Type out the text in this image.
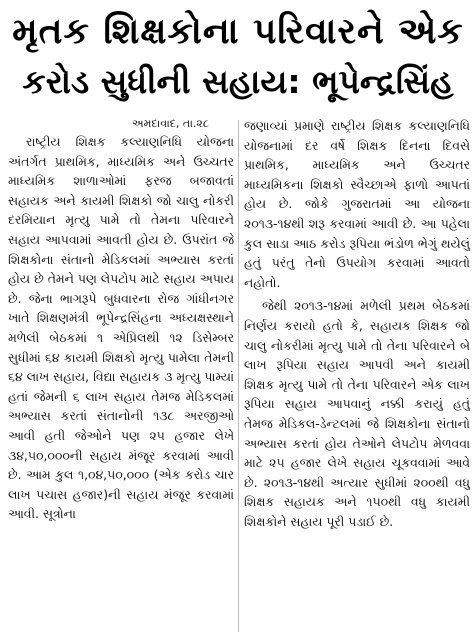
મૃતક શિક્ષકોના પરિવારને એક
કરોડ સુધીની સહાય: ભૂપેન્દ્રસિંહ
અમદાવાદ, તા.૨૮

રાષ્ટ્રીય શિક્ષક કલ્યાણનિધિ યોજના અંતર્ગત પ્રાથમિક, માધ્યમિક અને ઉચ્ચતર માધ્યમિક શાળાઓમાં ફરજ બજાવતાં સહાયક અને કાયમી શિક્ષકો જો ચાલુ નોકરી દરમિયાન મૃત્યુ પામે તો તેમના પરિવારને સહાય આપવામાં આવતી હોય છે. ઉપરાંત જે શિક્ષકોના સંતાનો મેડિકલમાં અભ્યાસ કરતાં હોય છે તેમને પણ લેપટોપ માટે સહાય અપાય છે. જેના ભાગરૂપે બુધવારના રોજ ગાંધીનગર ખાતે શિક્ષણમંત્રી ભૂપેન્દ્રસિંહના અધ્યક્ષસ્થાને મળેલી બેઠકમાં ૧ એપ્રિલથી ૧૨ ડિસેમ્બર સુધીમાં ૬૪ કાયમી શિક્ષકો મૃત્યુ પામેલા તેમની ૬૪ લાખ સહાય, વિદ્યા સહાયક ૩ મૃત્યુ પામ્યાં હતાં જેમની ૬ લાખ સહાય તેમજ મેડિકલમાં અભ્યાસ કરતાં સંતાનોની ૧૩૮ અરજીઓ આવી હતી જેઓને પણ ૨૫ હજાર લેખે ૩૪,૫૦,૦૦૦ની સહાય મંજૂર કરવામાં આવી છે. આમ કુલ ૧,૦૪,૫૦,૦૦૦ (એક કરોડ ચાર લાખ પચાસ હજાર)ની સહાય મંજૂર કરવામાં આવી. સૂત્રોના

જણાવ્યાં પ્રમાણે રાષ્ટ્રીય શિક્ષક કલ્યાણનિધિ યોજનામાં દર વર્ષે શિક્ષક દિનના દિવસે પ્રાથમિક, માધ્યમિક અને ઉચ્ચતર માધ્યમિકના શિક્ષકો સ્વૈચ્છાએ ફાળો આપતાં હોય છે. જોકે ગુજરાતમાં આ યોજના ૨૦૧૩-૧૪થી શરૂ કરવામાં આવી છે. આ પહેલા કુલ સાડા આઠ કરોડ રૂપિયા ભંડોળ ભેગું થયેલું હતું પરંતુ તેનો ઉપયોગ કરવામાં આવતો નહોતો.

જેથી ૨૦૧૩-૧૪માં મળેલી પ્રથમ બેઠકમાં નિર્ણય કરાયો હતો કે, સહાયક શિક્ષક જો ચાલુ નોકરીમાં મૃત્યુ પામે તો તેના પરિવારને બે લાખ રૂપિયા સહાય આપવી અને કાયમી શિક્ષક મૃત્યુ પામે તો તેના પરિવારને એક લાખ રૂપિયા સહાય આપવાનું નક્કી કરાયું હતું તેમજ મેડિકલ-ડેન્ટલમાં જે શિક્ષકોના સંતાનો અભ્યાસ કરતાં હોય તેઓને લેપટોપ મેળવવા માટે ૨૫ હજાર લેખે સહાય ચૂકવવામાં આવે છે. ૨૦૧૩-૧૪થી અત્યાર સુધીમાં ૨૦૦થી વધુ શિક્ષક સહાયક અને ૧૫૦થી વધુ કાયમી શિક્ષકોને સહાય પૂરી પડાઈ છે.
